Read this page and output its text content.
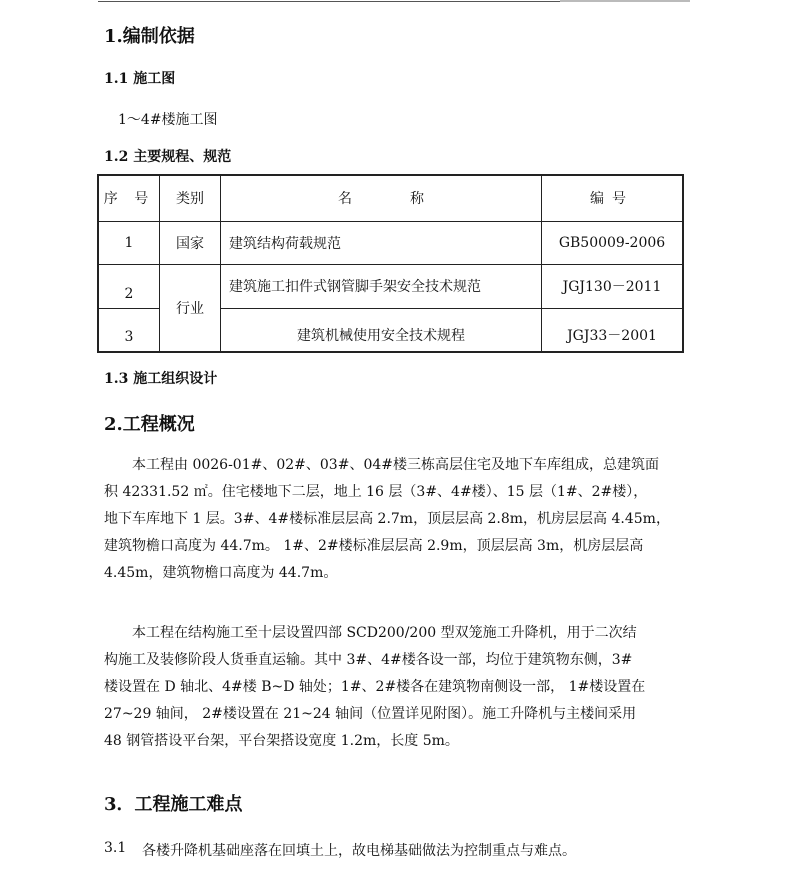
1.编制依据
1.1 施工图
1～4#楼施工图
1.2 主要规程、规范
序 号	类别	名称	编号
1	国家	建筑结构荷载规范	GB50009-2006
2	行业	建筑施工扣件式钢管脚手架安全技术规范	JGJ130－2011
3		建筑机械使用安全技术规程	JGJ33－2001
1.3 施工组织设计
2.工程概况
本工程由 0026-01#、02#、03#、04#楼三栋高层住宅及地下车库组成，总建筑面
积 42331.52 ㎡。住宅楼地下二层，地上 16 层（3#、4#楼）、15 层（1#、2#楼），
地下车库地下 1 层。3#、4#楼标准层层高 2.7m，顶层层高 2.8m，机房层层高 4.45m，
建筑物檐口高度为 44.7m。 1#、2#楼标准层层高 2.9m，顶层层高 3m，机房层层高
4.45m，建筑物檐口高度为 44.7m。
本工程在结构施工至十层设置四部 SCD200/200 型双笼施工升降机，用于二次结
构施工及装修阶段人货垂直运输。其中 3#、4#楼各设一部，均位于建筑物东侧，3#
楼设置在 D 轴北、4#楼 B~D 轴处；1#、2#楼各在建筑物南侧设一部， 1#楼设置在
27~29 轴间， 2#楼设置在 21~24 轴间（位置详见附图）。施工升降机与主楼间采用
48 钢管搭设平台架，平台架搭设宽度 1.2m，长度 5m。
3．工程施工难点
3.1 各楼升降机基础座落在回填土上，故电梯基础做法为控制重点与难点。
